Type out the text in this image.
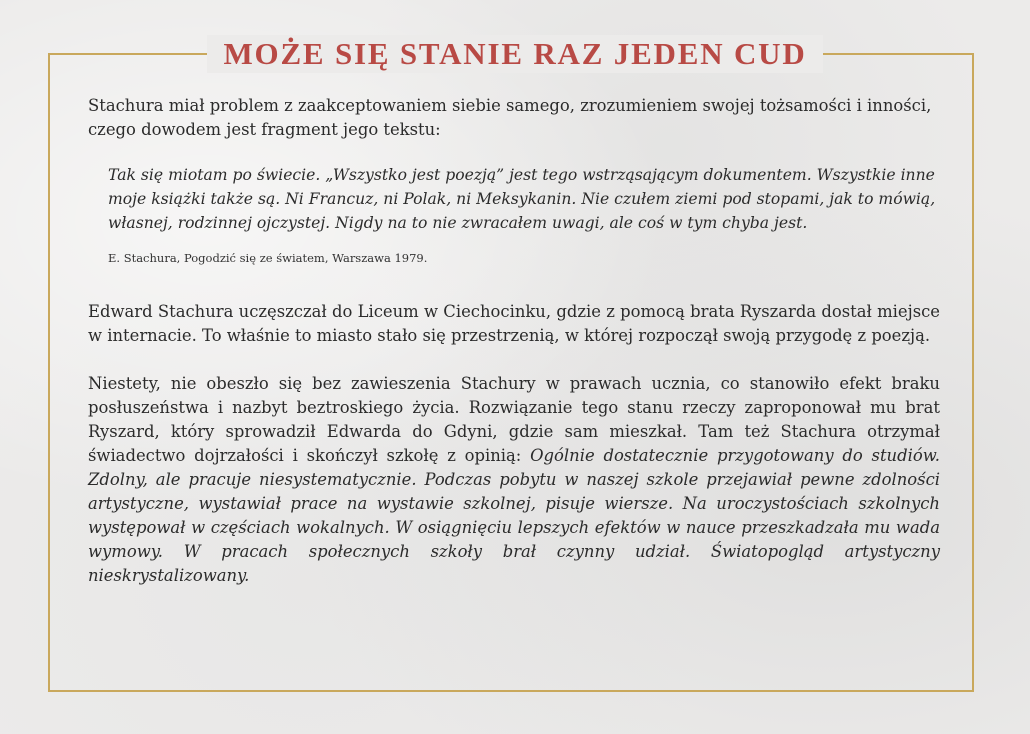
MOŻE SIĘ STANIE RAZ JEDEN CUD

Stachura miał problem z zaakceptowaniem siebie samego, zrozumieniem swojej tożsamości i inności, czego dowodem jest fragment jego tekstu:

Tak się miotam po świecie. „Wszystko jest poezją” jest tego wstrząsającym dokumentem. Wszystkie inne moje książki także są. Ni Francuz, ni Polak, ni Meksykanin. Nie czułem ziemi pod stopami, jak to mówią, własnej, rodzinnej ojczystej. Nigdy na to nie zwracałem uwagi, ale coś w tym chyba jest.

E. Stachura, Pogodzić się ze światem, Warszawa 1979.

Edward Stachura uczęszczał do Liceum w Ciechocinku, gdzie z pomocą brata Ryszarda dostał miejsce w internacie. To właśnie to miasto stało się przestrzenią, w której rozpoczął swoją przygodę z poezją.

Niestety, nie obeszło się bez zawieszenia Stachury w prawach ucznia, co stanowiło efekt braku posłuszeństwa i nazbyt beztroskiego życia. Rozwiązanie tego stanu rzeczy zaproponował mu brat Ryszard, który sprowadził Edwarda do Gdyni, gdzie sam mieszkał. Tam też Stachura otrzymał świadectwo dojrzałości i skończył szkołę z opinią: Ogólnie dostatecznie przygotowany do studiów. Zdolny, ale pracuje niesystematycznie. Podczas pobytu w naszej szkole przejawiał pewne zdolności artystyczne, wystawiał prace na wystawie szkolnej, pisuje wiersze. Na uroczystościach szkolnych występował w częściach wokalnych. W osiągnięciu lepszych efektów w nauce przeszkadzała mu wada wymowy. W pracach społecznych szkoły brał czynny udział. Światopogląd artystyczny nieskrystalizowany.
